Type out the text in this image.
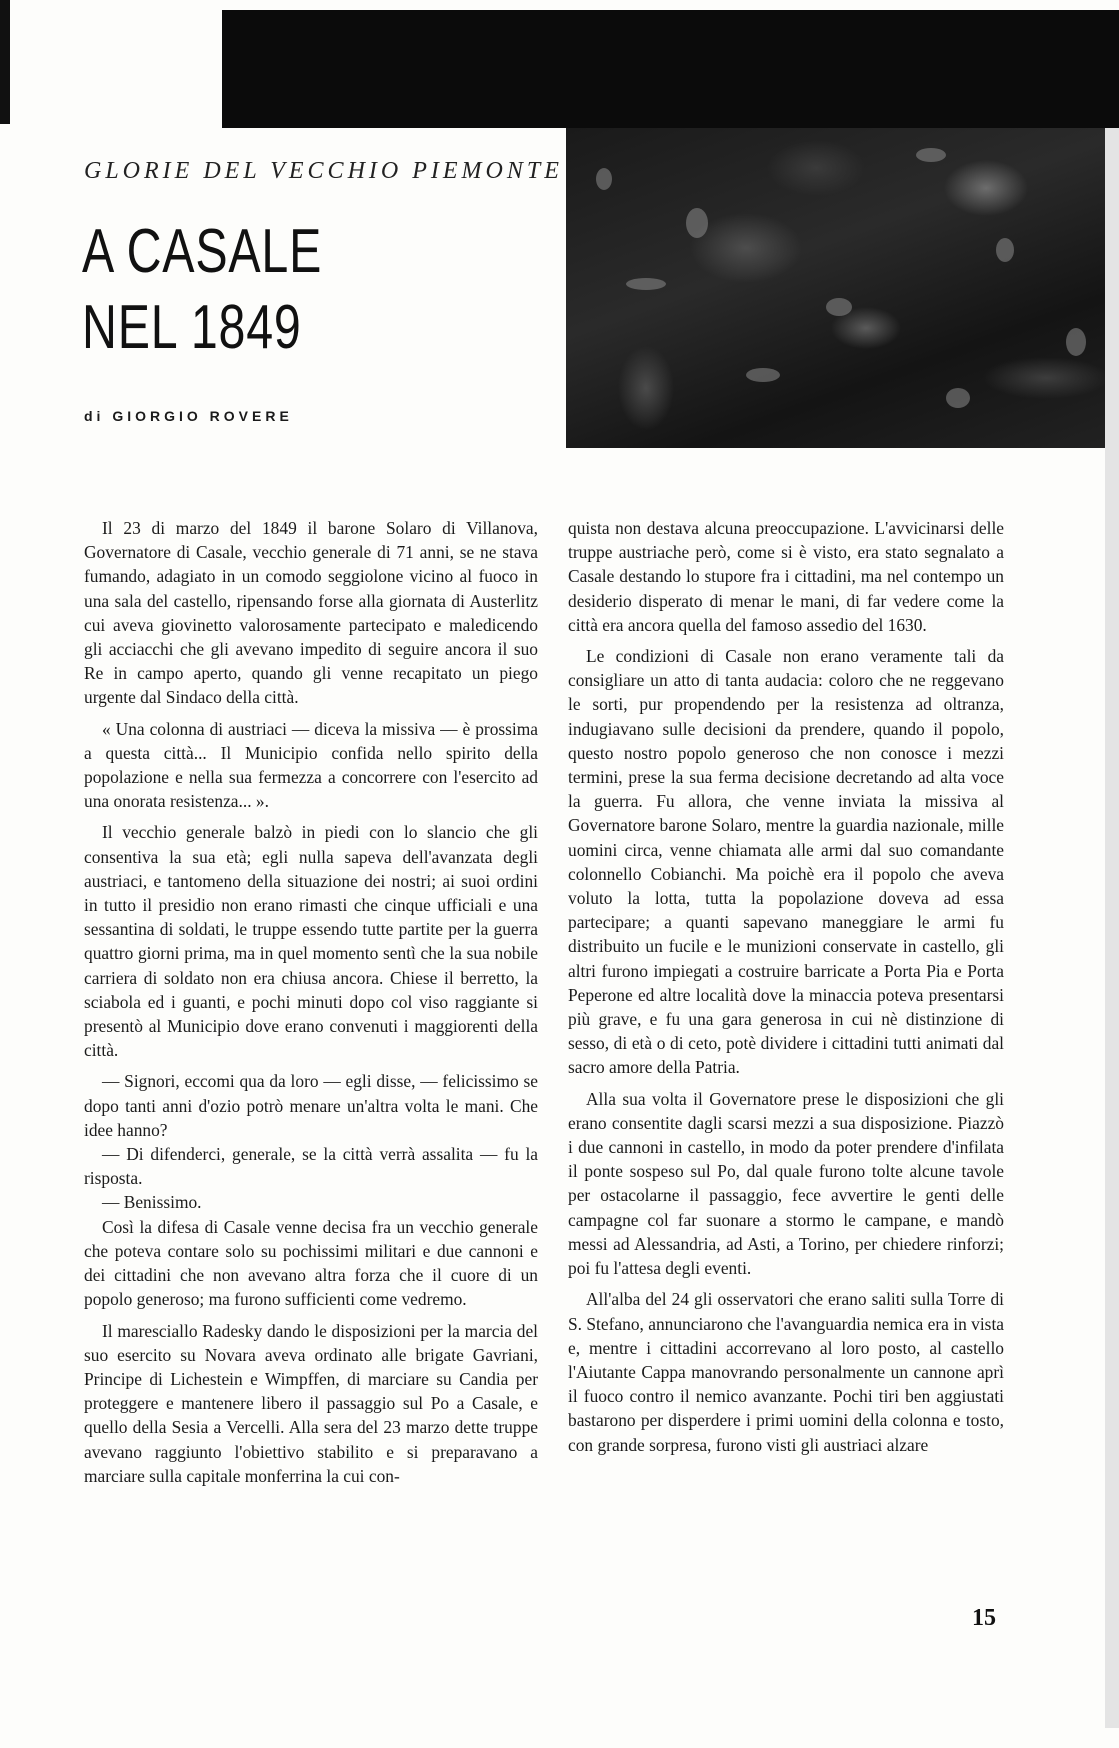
GLORIE DEL VECCHIO PIEMONTE

A CASALE
NEL 1849

di GIORGIO ROVERE

Il 23 di marzo del 1849 il barone Solaro di Villanova, Governatore di Casale, vecchio generale di 71 anni, se ne stava fumando, adagiato in un comodo seggiolone vicino al fuoco in una sala del castello, ripensando forse alla giornata di Austerlitz cui aveva giovinetto valorosamente partecipato e maledicendo gli acciacchi che gli avevano impedito di seguire ancora il suo Re in campo aperto, quando gli venne recapitato un piego urgente dal Sindaco della città.

« Una colonna di austriaci — diceva la missiva — è prossima a questa città... Il Municipio confida nello spirito della popolazione e nella sua fermezza a concorrere con l'esercito ad una onorata resistenza... ».

Il vecchio generale balzò in piedi con lo slancio che gli consentiva la sua età; egli nulla sapeva dell'avanzata degli austriaci, e tantomeno della situazione dei nostri; ai suoi ordini in tutto il presidio non erano rimasti che cinque ufficiali e una sessantina di soldati, le truppe essendo tutte partite per la guerra quattro giorni prima, ma in quel momento sentì che la sua nobile carriera di soldato non era chiusa ancora. Chiese il berretto, la sciabola ed i guanti, e pochi minuti dopo col viso raggiante si presentò al Municipio dove erano convenuti i maggiorenti della città.

— Signori, eccomi qua da loro — egli disse, — felicissimo se dopo tanti anni d'ozio potrò menare un'altra volta le mani. Che idee hanno?

— Di difenderci, generale, se la città verrà assalita — fu la risposta.

— Benissimo.

Così la difesa di Casale venne decisa fra un vecchio generale che poteva contare solo su pochissimi militari e due cannoni e dei cittadini che non avevano altra forza che il cuore di un popolo generoso; ma furono sufficienti come vedremo.

Il maresciallo Radesky dando le disposizioni per la marcia del suo esercito su Novara aveva ordinato alle brigate Gavriani, Principe di Lichestein e Wimpffen, di marciare su Candia per proteggere e mantenere libero il passaggio sul Po a Casale, e quello della Sesia a Vercelli. Alla sera del 23 marzo dette truppe avevano raggiunto l'obiettivo stabilito e si preparavano a marciare sulla capitale monferrina la cui con-

quista non destava alcuna preoccupazione. L'avvicinarsi delle truppe austriache però, come si è visto, era stato segnalato a Casale destando lo stupore fra i cittadini, ma nel contempo un desiderio disperato di menar le mani, di far vedere come la città era ancora quella del famoso assedio del 1630.

Le condizioni di Casale non erano veramente tali da consigliare un atto di tanta audacia: coloro che ne reggevano le sorti, pur propendendo per la resistenza ad oltranza, indugiavano sulle decisioni da prendere, quando il popolo, questo nostro popolo generoso che non conosce i mezzi termini, prese la sua ferma decisione decretando ad alta voce la guerra. Fu allora, che venne inviata la missiva al Governatore barone Solaro, mentre la guardia nazionale, mille uomini circa, venne chiamata alle armi dal suo comandante colonnello Cobianchi. Ma poichè era il popolo che aveva voluto la lotta, tutta la popolazione doveva ad essa partecipare; a quanti sapevano maneggiare le armi fu distribuito un fucile e le munizioni conservate in castello, gli altri furono impiegati a costruire barricate a Porta Pia e Porta Peperone ed altre località dove la minaccia poteva presentarsi più grave, e fu una gara generosa in cui nè distinzione di sesso, di età o di ceto, potè dividere i cittadini tutti animati dal sacro amore della Patria.

Alla sua volta il Governatore prese le disposizioni che gli erano consentite dagli scarsi mezzi a sua disposizione. Piazzò i due cannoni in castello, in modo da poter prendere d'infilata il ponte sospeso sul Po, dal quale furono tolte alcune tavole per ostacolarne il passaggio, fece avvertire le genti delle campagne col far suonare a stormo le campane, e mandò messi ad Alessandria, ad Asti, a Torino, per chiedere rinforzi; poi fu l'attesa degli eventi.

All'alba del 24 gli osservatori che erano saliti sulla Torre di S. Stefano, annunciarono che l'avanguardia nemica era in vista e, mentre i cittadini accorrevano al loro posto, al castello l'Aiutante Cappa manovrando personalmente un cannone aprì il fuoco contro il nemico avanzante. Pochi tiri ben aggiustati bastarono per disperdere i primi uomini della colonna e tosto, con grande sorpresa, furono visti gli austriaci alzare

15
